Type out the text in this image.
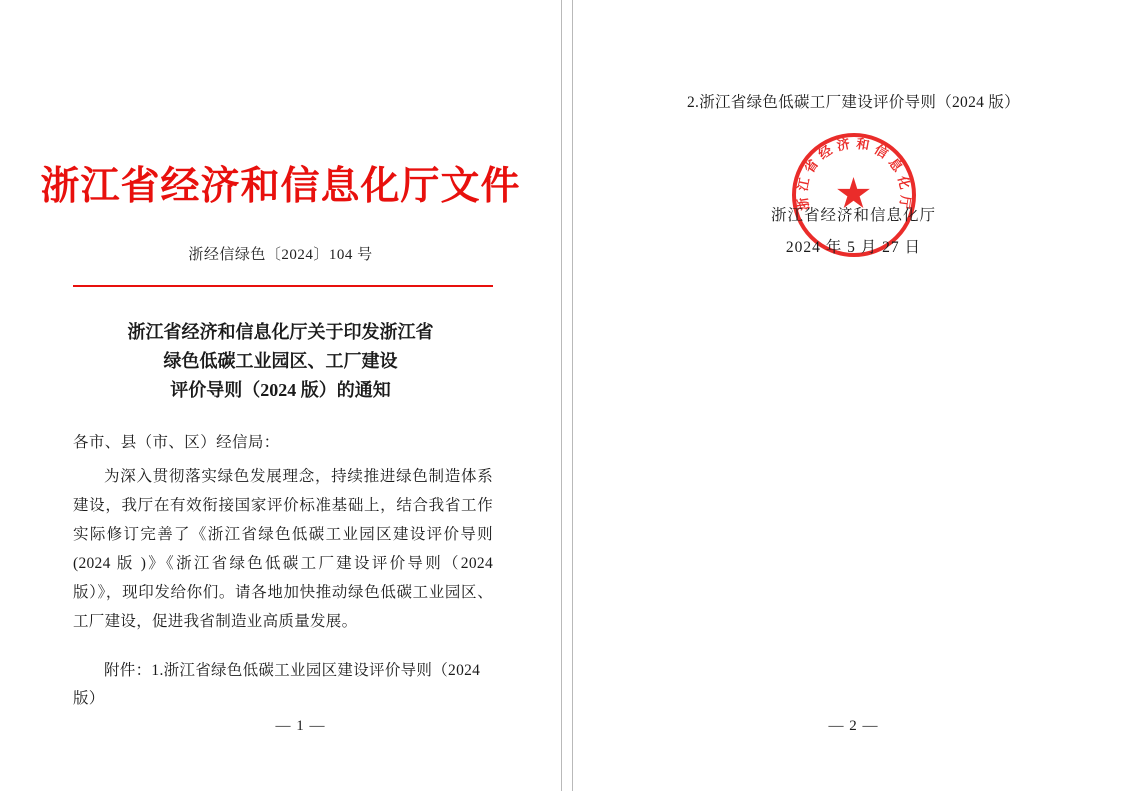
浙江省经济和信息化厅文件
浙经信绿色〔2024〕104 号
浙江省经济和信息化厅关于印发浙江省
绿色低碳工业园区、工厂建设
评价导则（2024 版）的通知
各市、县（市、区）经信局：

为深入贯彻落实绿色发展理念，持续推进绿色制造体系建设，我厅在有效衔接国家评价标准基础上，结合我省工作实际修订完善了《浙江省绿色低碳工业园区建设评价导则(2024 版 )》《浙江省绿色低碳工厂建设评价导则（2024 版）》，现印发给你们。请各地加快推动绿色低碳工业园区、工厂建设，促进我省制造业高质量发展。

附件：1.浙江省绿色低碳工业园区建设评价导则（2024 版）
— 1 —
2.浙江省绿色低碳工厂建设评价导则（2024 版）
浙
江
省
经 济 和 信
息
化
厅
浙江省经济和信息化厅
2024 年 5 月 27 日
— 2 —
